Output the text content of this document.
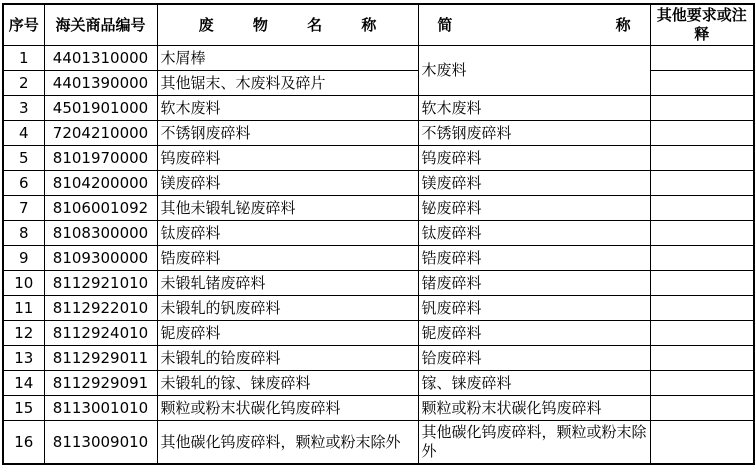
序号	海关商品编号	废 物 名 称	简 称	其他要求或注释
1	4401310000	木屑棒	木废料	
2	4401390000	其他锯末、木废料及碎片		
3	4501901000	软木废料	软木废料	
4	7204210000	不锈钢废碎料	不锈钢废碎料	
5	8101970000	钨废碎料	钨废碎料	
6	8104200000	镁废碎料	镁废碎料	
7	8106001092	其他未锻轧铋废碎料	铋废碎料	
8	8108300000	钛废碎料	钛废碎料	
9	8109300000	锆废碎料	锆废碎料	
10	8112921010	未锻轧锗废碎料	锗废碎料	
11	8112922010	未锻轧的钒废碎料	钒废碎料	
12	8112924010	铌废碎料	铌废碎料	
13	8112929011	未锻轧的铪废碎料	铪废碎料	
14	8112929091	未锻轧的镓、铼废碎料	镓、铼废碎料	
15	8113001010	颗粒或粉末状碳化钨废碎料	颗粒或粉末状碳化钨废碎料	
16	8113009010	其他碳化钨废碎料，颗粒或粉末除外	其他碳化钨废碎料，颗粒或粉末除外	
